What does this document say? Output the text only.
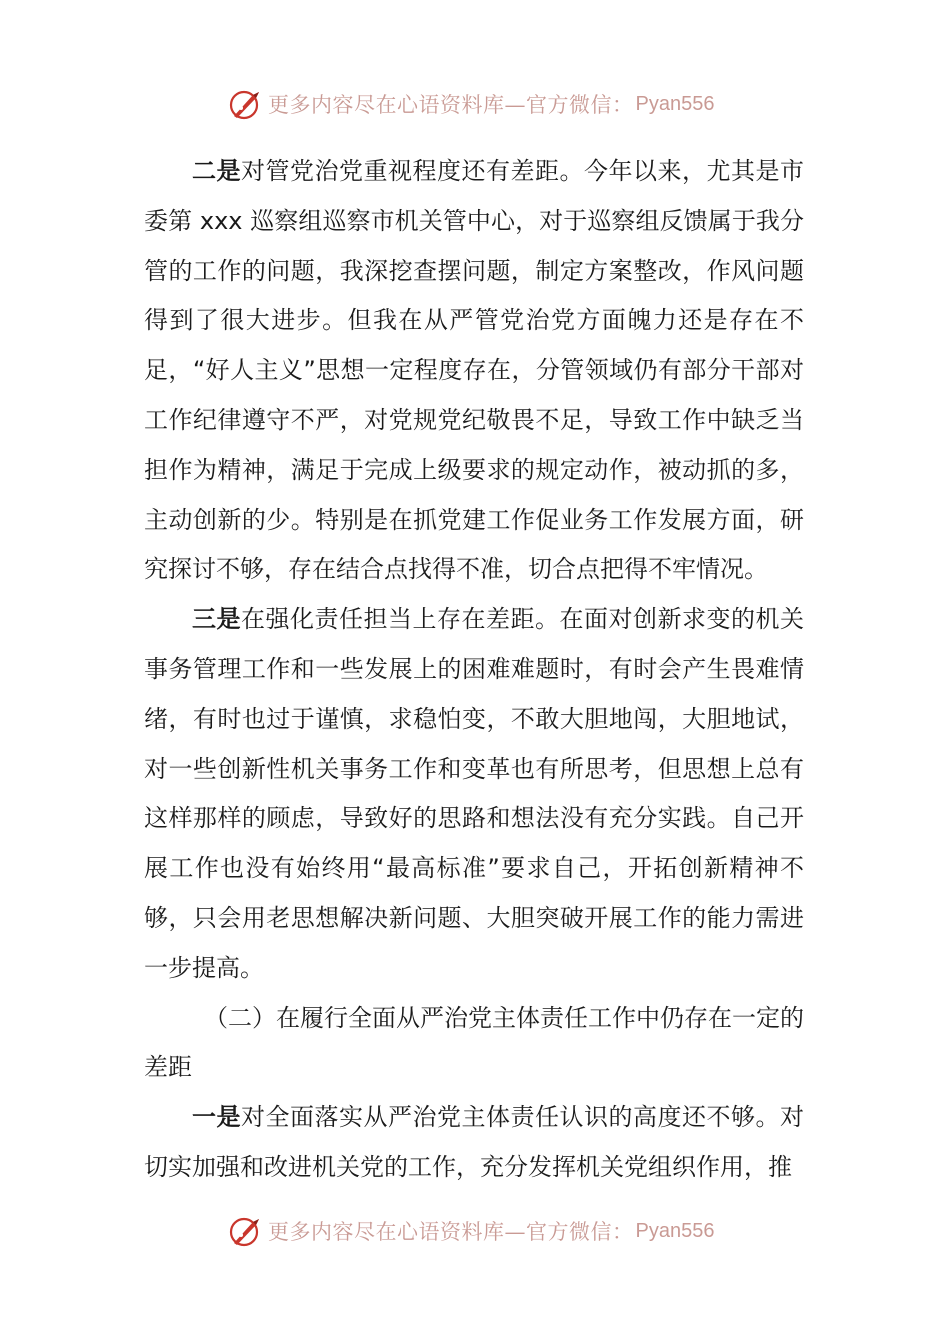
更多内容尽在心语资料库—官方微信： Pyan556

二是对管党治党重视程度还有差距。今年以来，尤其是市委第 xxx 巡察组巡察市机关管中心，对于巡察组反馈属于我分管的工作的问题，我深挖查摆问题，制定方案整改，作风问题得到了很大进步。但我在从严管党治党方面魄力还是存在不足，“好人主义”思想一定程度存在，分管领域仍有部分干部对工作纪律遵守不严，对党规党纪敬畏不足，导致工作中缺乏当担作为精神，满足于完成上级要求的规定动作，被动抓的多，主动创新的少。特别是在抓党建工作促业务工作发展方面，研究探讨不够，存在结合点找得不准，切合点把得不牢情况。

三是在强化责任担当上存在差距。在面对创新求变的机关事务管理工作和一些发展上的困难难题时，有时会产生畏难情绪，有时也过于谨慎，求稳怕变，不敢大胆地闯，大胆地试，对一些创新性机关事务工作和变革也有所思考，但思想上总有这样那样的顾虑，导致好的思路和想法没有充分实践。自己开展工作也没有始终用“最高标准”要求自己，开拓创新精神不够，只会用老思想解决新问题、大胆突破开展工作的能力需进一步提高。

（二）在履行全面从严治党主体责任工作中仍存在一定的差距

一是对全面落实从严治党主体责任认识的高度还不够。对切实加强和改进机关党的工作，充分发挥机关党组织作用，推

更多内容尽在心语资料库—官方微信： Pyan556
